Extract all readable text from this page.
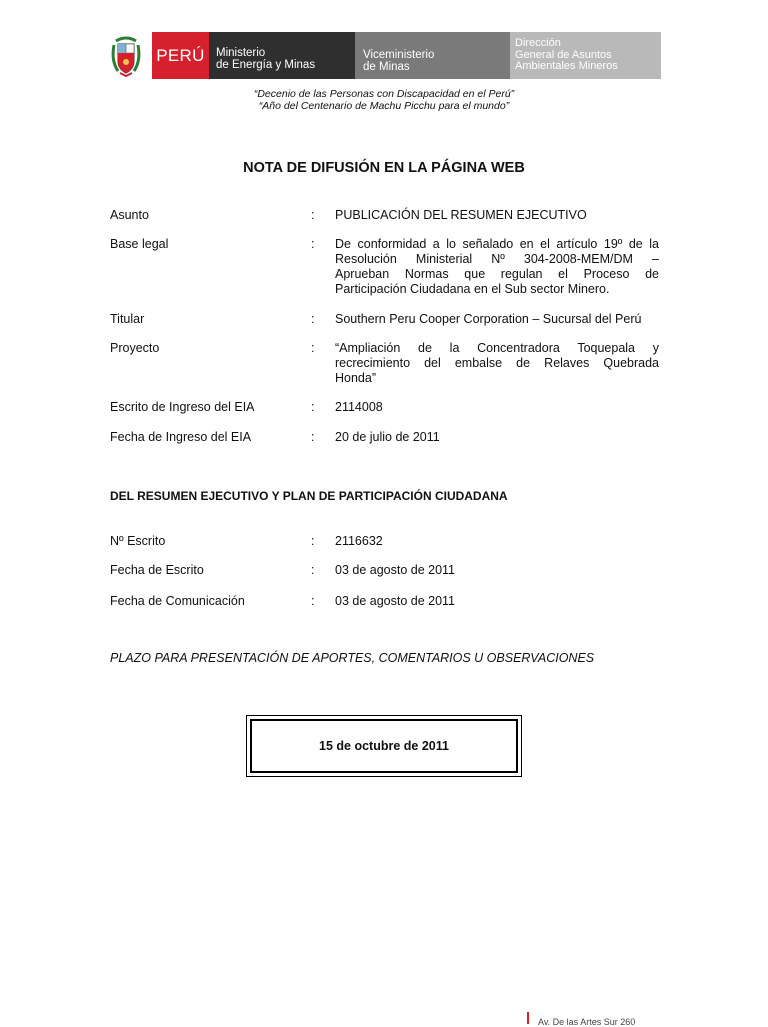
PERÚ Ministerio
de Energía y Minas
Viceministerio
de Minas
Dirección
General de Asuntos
Ambientales Mineros
“Decenio de las Personas con Discapacidad en el Perú”
“Año del Centenario de Machu Picchu para el mundo”
NOTA DE DIFUSIÓN EN LA PÁGINA WEB
Asunto	: PUBLICACIÓN DEL RESUMEN EJECUTIVO
Base legal	: De conformidad a lo señalado en el artículo 19º de la
Resolución Ministerial Nº 304-2008-MEM/DM –
Aprueban Normas que regulan el Proceso de
Participación Ciudadana en el Sub sector Minero.
Titular	: Southern Peru Cooper Corporation – Sucursal del Perú
Proyecto	: “Ampliación de la Concentradora Toquepala y
recrecimiento del embalse de Relaves Quebrada
Honda”
Escrito de Ingreso del EIA	: 2114008
Fecha de Ingreso del EIA	: 20 de julio de 2011
DEL RESUMEN EJECUTIVO Y PLAN DE PARTICIPACIÓN CIUDADANA
Nº Escrito	: 2116632
Fecha de Escrito	: 03 de agosto de 2011
Fecha de Comunicación	: 03 de agosto de 2011
PLAZO PARA PRESENTACIÓN DE APORTES, COMENTARIOS U OBSERVACIONES
15 de octubre de 2011
Av. De las Artes Sur 260
